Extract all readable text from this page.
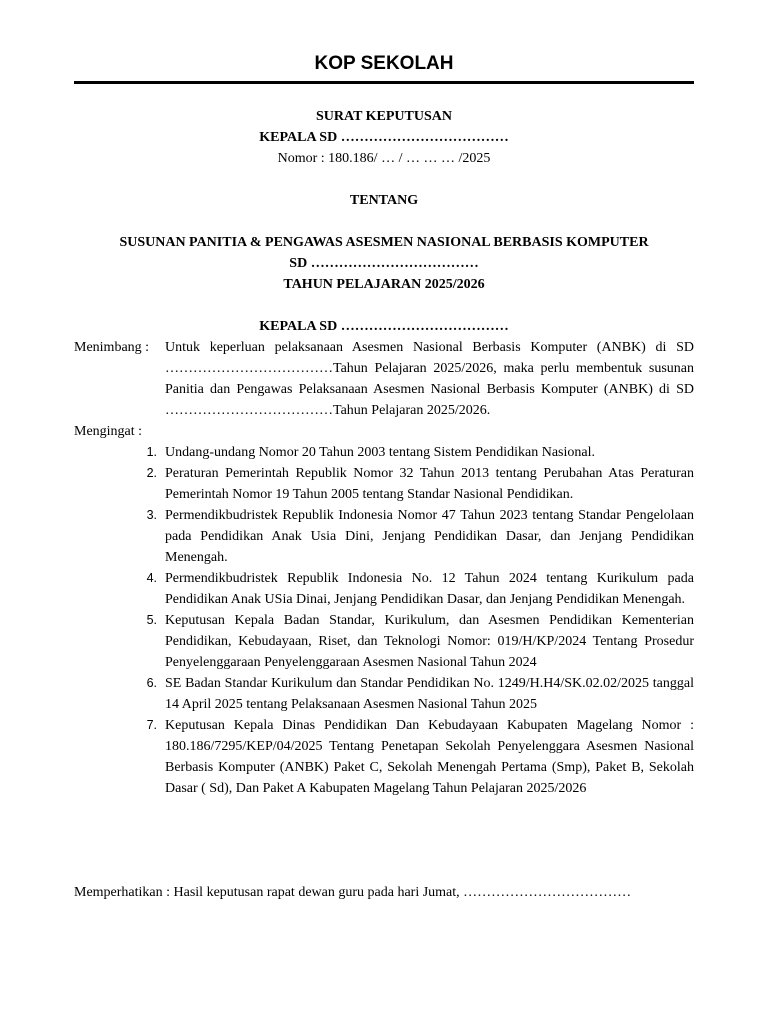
KOP SEKOLAH
SURAT KEPUTUSAN
KEPALA SD ………………………………
Nomor : 180.186/ … / … … … /2025
TENTANG
SUSUNAN PANITIA & PENGAWAS ASESMEN NASIONAL BERBASIS KOMPUTER
SD ………………………………
TAHUN PELAJARAN 2025/2026
KEPALA SD ………………………………
Menimbang : Untuk keperluan pelaksanaan Asesmen Nasional Berbasis Komputer (ANBK) di SD ………………………………Tahun Pelajaran 2025/2026, maka perlu membentuk susunan Panitia dan Pengawas Pelaksanaan Asesmen Nasional Berbasis Komputer (ANBK) di SD ………………………………Tahun Pelajaran 2025/2026.
Mengingat :
1. Undang-undang Nomor 20 Tahun 2003 tentang Sistem Pendidikan Nasional.
2. Peraturan Pemerintah Republik Nomor 32 Tahun 2013 tentang Perubahan Atas Peraturan Pemerintah Nomor 19 Tahun 2005 tentang Standar Nasional Pendidikan.
3. Permendikbudristek Republik Indonesia Nomor 47 Tahun 2023 tentang Standar Pengelolaan pada Pendidikan Anak Usia Dini, Jenjang Pendidikan Dasar, dan Jenjang Pendidikan Menengah.
4. Permendikbudristek Republik Indonesia No. 12 Tahun 2024 tentang Kurikulum pada Pendidikan Anak USia Dinai, Jenjang Pendidikan Dasar, dan Jenjang Pendidikan Menengah.
5. Keputusan Kepala Badan Standar, Kurikulum, dan Asesmen Pendidikan Kementerian Pendidikan, Kebudayaan, Riset, dan Teknologi Nomor: 019/H/KP/2024 Tentang Prosedur Penyelenggaraan Penyelenggaraan Asesmen Nasional Tahun 2024
6. SE Badan Standar Kurikulum dan Standar Pendidikan No. 1249/H.H4/SK.02.02/2025 tanggal 14 April 2025 tentang Pelaksanaan Asesmen Nasional Tahun 2025
7. Keputusan Kepala Dinas Pendidikan Dan Kebudayaan Kabupaten Magelang Nomor : 180.186/7295/KEP/04/2025 Tentang Penetapan Sekolah Penyelenggara Asesmen Nasional Berbasis Komputer (ANBK) Paket C, Sekolah Menengah Pertama (Smp), Paket B, Sekolah Dasar ( Sd), Dan Paket A Kabupaten Magelang Tahun Pelajaran 2025/2026
Memperhatikan : Hasil keputusan rapat dewan guru pada hari Jumat, ………………………………
